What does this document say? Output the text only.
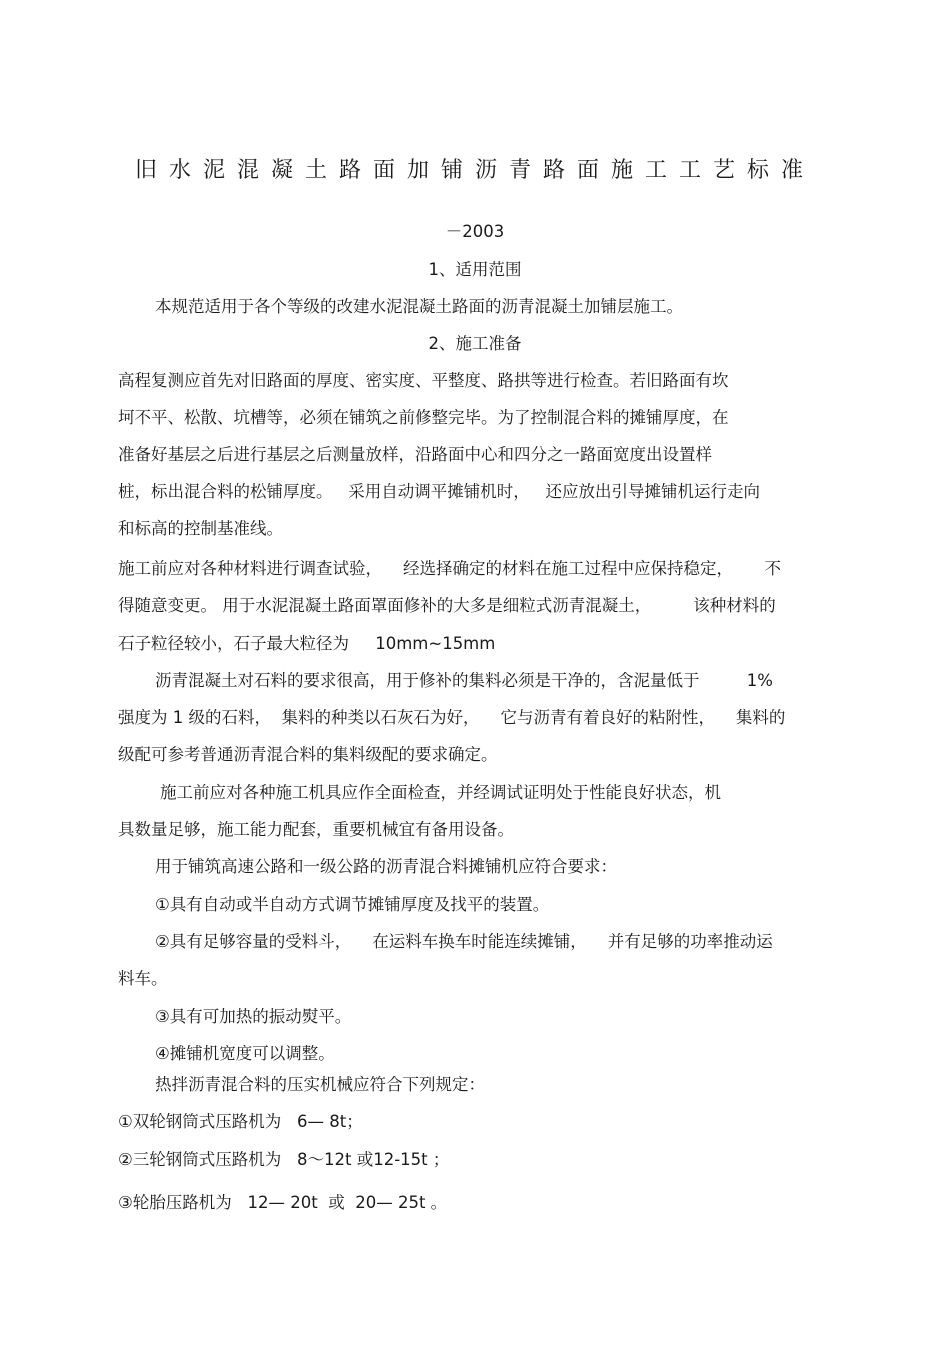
旧水泥混凝土路面加铺沥青路面施工工艺标准
－2003
1、适用范围
本规范适用于各个等级的改建水泥混凝土路面的沥青混凝土加铺层施工。
2、施工准备
高程复测应首先对旧路面的厚度、密实度、平整度、路拱等进行检查。若旧路面有坎
坷不平、松散、坑槽等，必须在铺筑之前修整完毕。为了控制混合料的摊铺厚度，在
准备好基层之后进行基层之后测量放样，沿路面中心和四分之一路面宽度出设置样
桩，标出混合料的松铺厚度。   采用自动调平摊铺机时，   还应放出引导摊铺机运行走向
和标高的控制基准线。
施工前应对各种材料进行调查试验，    经选择确定的材料在施工过程中应保持稳定，      不
得随意变更。 用于水泥混凝土路面罩面修补的大多是细粒式沥青混凝土，        该种材料的
石子粒径较小，石子最大粒径为     10mm~15mm
沥青混凝土对石料的要求很高，用于修补的集料必须是干净的，含泥量低于         1%
强度为 1 级的石料，  集料的种类以石灰石为好，    它与沥青有着良好的粘附性，    集料的
级配可参考普通沥青混合料的集料级配的要求确定。
施工前应对各种施工机具应作全面检查，并经调试证明处于性能良好状态，机
具数量足够，施工能力配套，重要机械宜有备用设备。
用于铺筑高速公路和一级公路的沥青混合料摊铺机应符合要求：
①具有自动或半自动方式调节摊铺厚度及找平的装置。
②具有足够容量的受料斗，    在运料车换车时能连续摊铺，    并有足够的功率推动运
料车。
③具有可加热的振动熨平。
④摊铺机宽度可以调整。
热拌沥青混合料的压实机械应符合下列规定：
①双轮钢筒式压路机为   6— 8t；
②三轮钢筒式压路机为   8～12t 或12-15t ；
③轮胎压路机为   12— 20t  或  20— 25t 。
